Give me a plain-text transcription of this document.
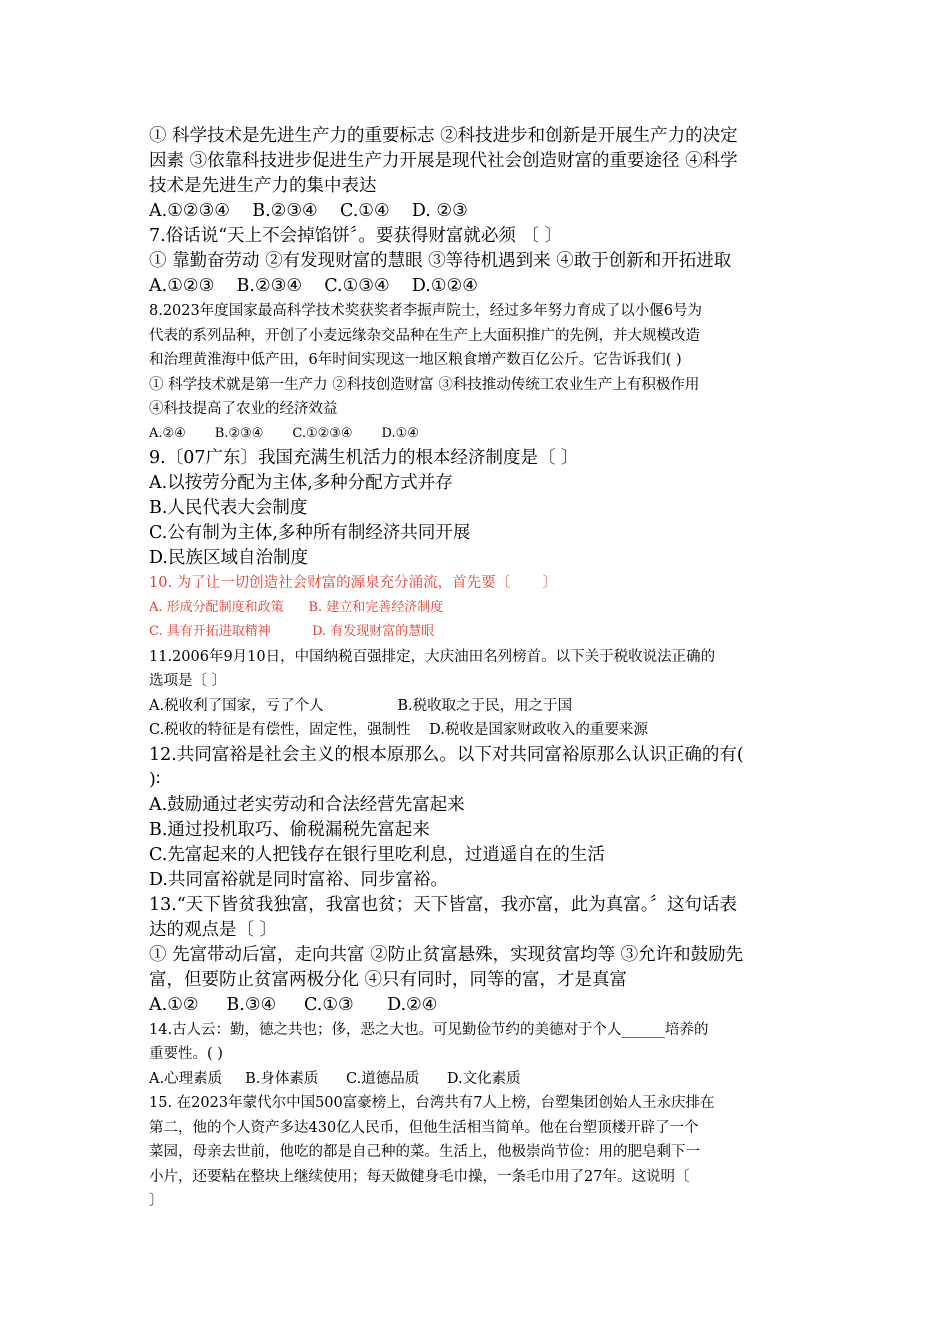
① 科学技术是先进生产力的重要标志 ②科技进步和创新是开展生产力的决定
因素 ③依靠科技进步促进生产力开展是现代社会创造财富的重要途径 ④科学
技术是先进生产力的集中表达
A.①②③④    B.②③④    C.①④    D. ②③
7.俗话说“天上不会掉馅饼〞。要获得财富就必须 〔 〕
① 靠勤奋劳动 ②有发现财富的慧眼 ③等待机遇到来 ④敢于创新和开拓进取
A.①②③    B.②③④    C.①③④    D.①②④
8.2023年度国家最高科学技术奖获奖者李振声院士，经过多年努力育成了以小偃6号为
代表的系列品种，开创了小麦远缘杂交品种在生产上大面积推广的先例，并大规模改造
和治理黄淮海中低产田，6年时间实现这一地区粮食增产数百亿公斤。它告诉我们( )
① 科学技术就是第一生产力 ②科技创造财富 ③科技推动传统工农业生产上有积极作用
④科技提高了农业的经济效益
A.②④       B.②③④       C.①②③④       D.①④
9.〔07广东〕我国充满生机活力的根本经济制度是〔 〕
A.以按劳分配为主体,多种分配方式并存
B.人民代表大会制度
C.公有制为主体,多种所有制经济共同开展
D.民族区域自治制度
10. 为了让一切创造社会财富的源泉充分涌流，首先要〔       〕
A. 形成分配制度和政策      B. 建立和完善经济制度
C. 具有开拓进取精神          D. 有发现财富的慧眼
11.2006年9月10日，中国纳税百强排定，大庆油田名列榜首。以下关于税收说法正确的
选项是〔 〕
A.税收利了国家，亏了个人                B.税收取之于民，用之于国
C.税收的特征是有偿性，固定性，强制性    D.税收是国家财政收入的重要来源
12.共同富裕是社会主义的根本原那么。以下对共同富裕原那么认识正确的有(
)∶
A.鼓励通过老实劳动和合法经营先富起来
B.通过投机取巧、偷税漏税先富起来
C.先富起来的人把钱存在银行里吃利息，过逍遥自在的生活
D.共同富裕就是同时富裕、同步富裕。
13.“天下皆贫我独富，我富也贫；天下皆富，我亦富，此为真富。〞这句话表
达的观点是〔 〕
① 先富带动后富，走向共富 ②防止贫富悬殊，实现贫富均等 ③允许和鼓励先
富，但要防止贫富两极分化 ④只有同时，同等的富，才是真富
A.①②     B.③④     C.①③      D.②④
14.古人云：勤，德之共也；侈，恶之大也。可见勤俭节约的美德对于个人______培养的
重要性。( )
A.心理素质     B.身体素质      C.道德品质      D.文化素质
15. 在2023年蒙代尔中国500富豪榜上，台湾共有7人上榜，台塑集团创始人王永庆排在
第二，他的个人资产多达430亿人民币，但他生活相当简单。他在台塑顶楼开辟了一个
菜园，母亲去世前，他吃的都是自己种的菜。生活上，他极崇尚节俭：用的肥皂剩下一
小片，还要粘在整块上继续使用；每天做健身毛巾操，一条毛巾用了27年。这说明〔
〕
